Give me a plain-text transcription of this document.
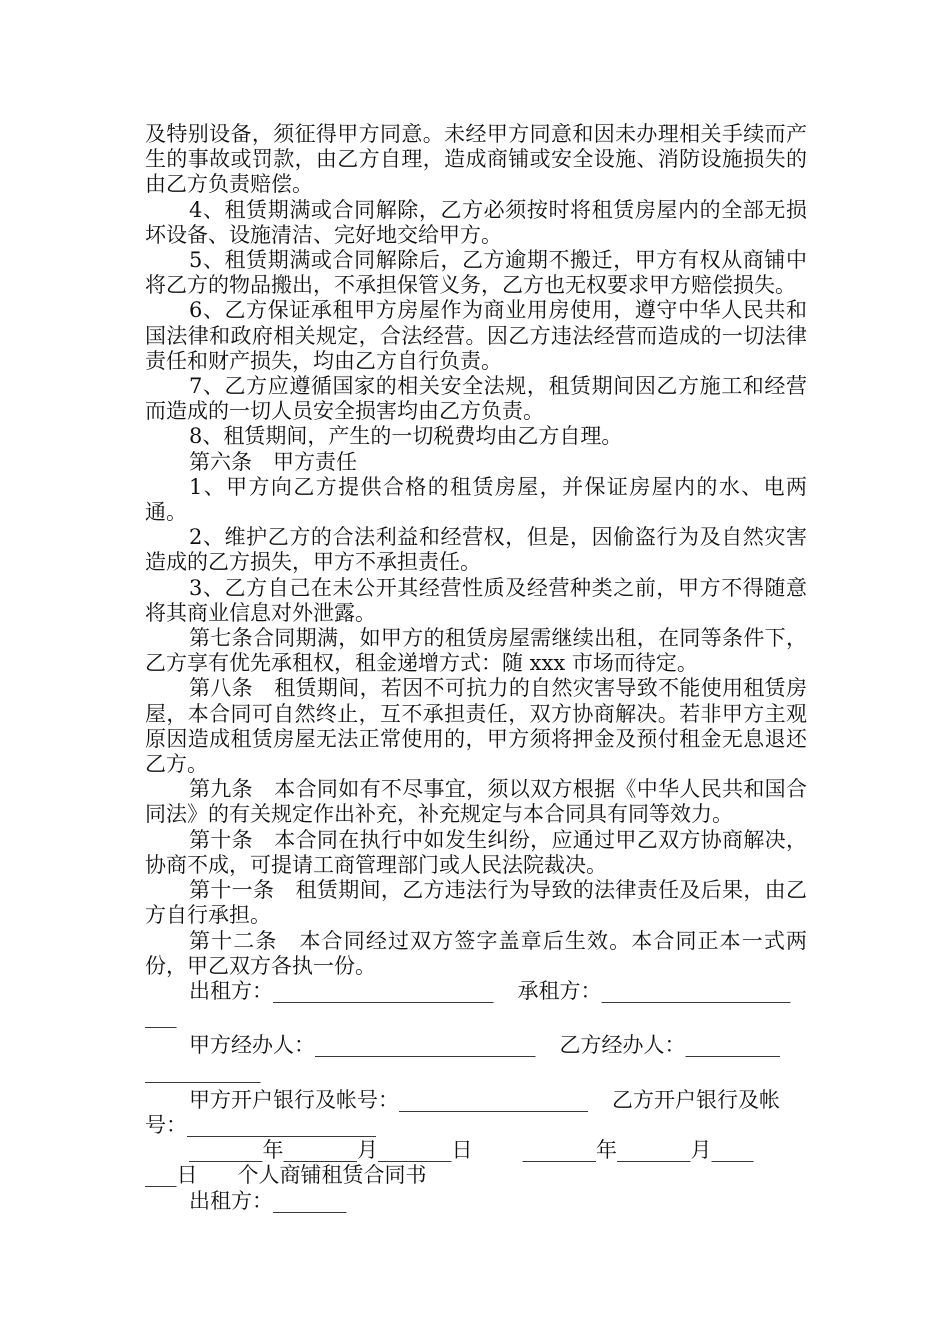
及特别设备，须征得甲方同意。未经甲方同意和因未办理相关手续而产生的事故或罚款，由乙方自理，造成商铺或安全设施、消防设施损失的由乙方负责赔偿。

4、租赁期满或合同解除，乙方必须按时将租赁房屋内的全部无损坏设备、设施清洁、完好地交给甲方。

5、租赁期满或合同解除后，乙方逾期不搬迁，甲方有权从商铺中将乙方的物品搬出，不承担保管义务，乙方也无权要求甲方赔偿损失。

6、乙方保证承租甲方房屋作为商业用房使用，遵守中华人民共和国法律和政府相关规定，合法经营。因乙方违法经营而造成的一切法律责任和财产损失，均由乙方自行负责。

7、乙方应遵循国家的相关安全法规，租赁期间因乙方施工和经营而造成的一切人员安全损害均由乙方负责。

8、租赁期间，产生的一切税费均由乙方自理。

第六条　甲方责任

1、甲方向乙方提供合格的租赁房屋，并保证房屋内的水、电两通。

2、维护乙方的合法利益和经营权，但是，因偷盗行为及自然灾害造成的乙方损失，甲方不承担责任。

3、乙方自己在未公开其经营性质及经营种类之前，甲方不得随意将其商业信息对外泄露。

第七条合同期满，如甲方的租赁房屋需继续出租，在同等条件下，乙方享有优先承租权，租金递增方式：随 xxx 市场而待定。

第八条　租赁期间，若因不可抗力的自然灾害导致不能使用租赁房屋，本合同可自然终止，互不承担责任，双方协商解决。若非甲方主观原因造成租赁房屋无法正常使用的，甲方须将押金及预付租金无息退还乙方。

第九条　本合同如有不尽事宜，须以双方根据《中华人民共和国合同法》的有关规定作出补充，补充规定与本合同具有同等效力。

第十条　本合同在执行中如发生纠纷，应通过甲乙双方协商解决，协商不成，可提请工商管理部门或人民法院裁决。

第十一条　租赁期间，乙方违法行为导致的法律责任及后果，由乙方自行承担。

第十二条　本合同经过双方签字盖章后生效。本合同正本一式两份，甲乙双方各执一份。

出租方：_____________________ 承租方：__________________

___

甲方经办人：_____________________ 乙方经办人：_________

___________

甲方开户银行及帐号：__________________ 乙方开户银行及帐

号：__________________

_______年_______月_______日 _______年_______月____

___日 个人商铺租赁合同书

出租方：_______
